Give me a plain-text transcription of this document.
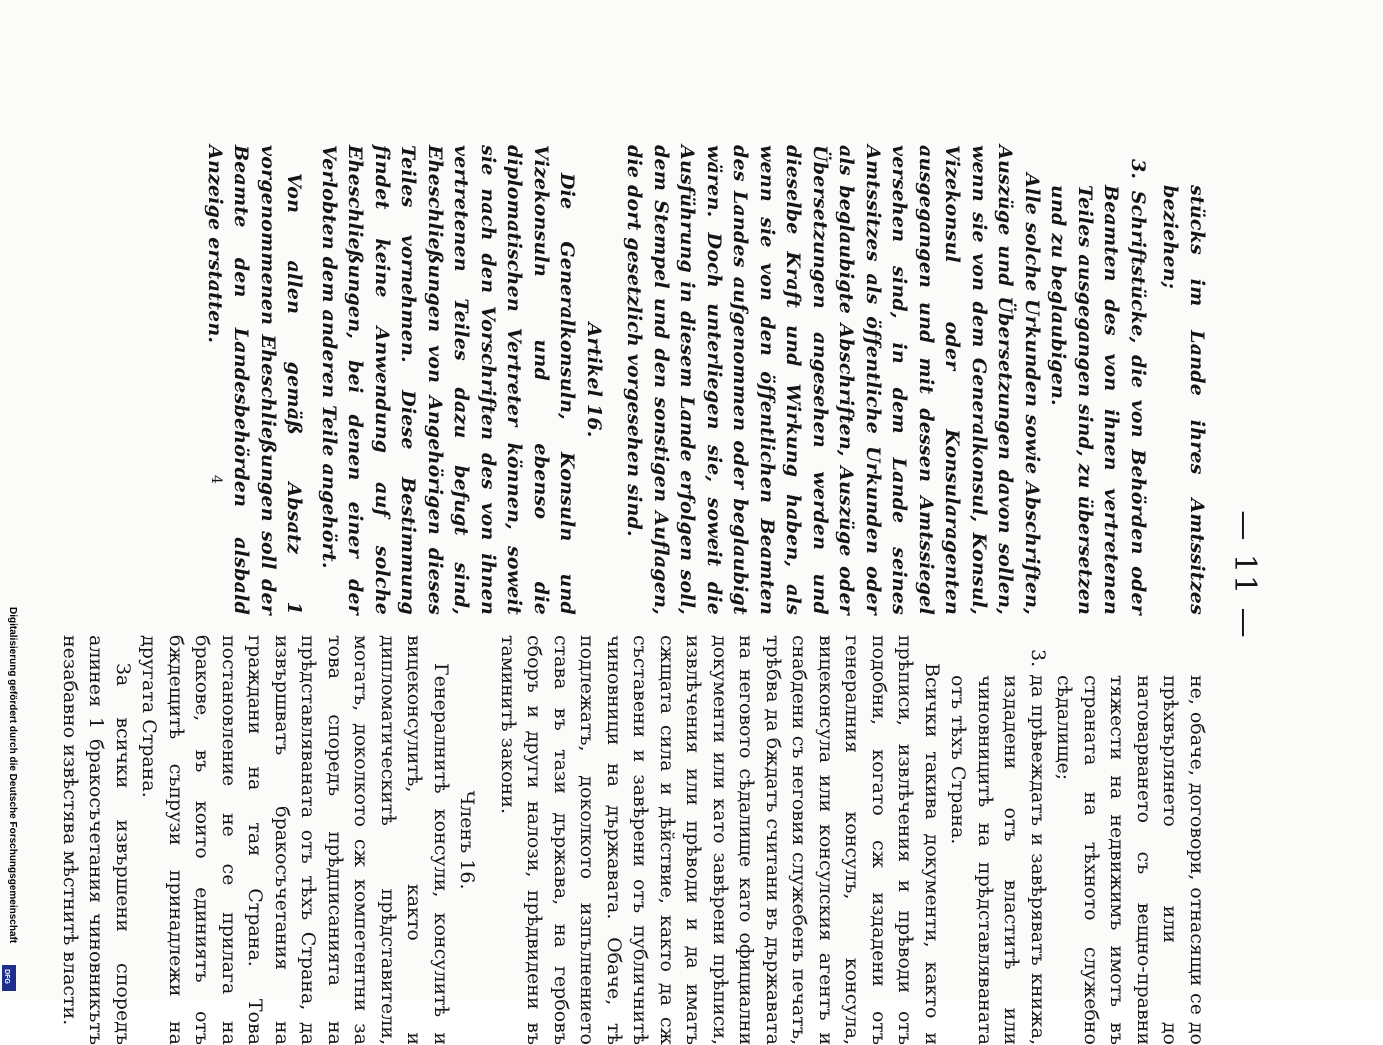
— 11 —

stücks im Lande ihres Amtssitzes beziehen;

3. Schriftstücke, die von Behörden oder Beamten des von ihnen vertretenen Teiles ausgegangen sind, zu übersetzen und zu beglaubigen.

Alle solche Urkunden sowie Abschriften, Auszüge und Übersetzungen davon sollen, wenn sie von dem Generalkonsul, Konsul, Vizekonsul oder Konsularagenten ausgegangen und mit dessen Amtssiegel versehen sind, in dem Lande seines Amtssitzes als öffentliche Urkunden oder als beglaubigte Abschriften, Auszüge oder Übersetzungen angesehen werden und dieselbe Kraft und Wirkung haben, als wenn sie von den öffentlichen Beamten des Landes aufgenommen oder beglaubigt wären. Doch unterliegen sie, soweit die Ausführung in diesem Lande erfolgen soll, dem Stempel und den sonstigen Auflagen, die dort gesetzlich vorgesehen sind.

Artikel 16.

Die Generalkonsuln, Konsuln und Vizekonsuln und ebenso die diplomatischen Vertreter können, soweit sie nach den Vorschriften des von ihnen vertretenen Teiles dazu befugt sind, Eheschließungen von Angehörigen dieses Teiles vornehmen. Diese Bestimmung findet keine Anwendung auf solche Eheschließungen, bei denen einer der Verlobten dem anderen Teile angehört.

Von allen gemäß Absatz 1 vorgenommenen Eheschließungen soll der Beamte den Landesbehörden alsbald Anzeige erstatten.

не, обаче, договори, отнасящи се до прѣхвърлянето или до натоварването съ вещно-правни тяжести на недвижимъ имотъ въ страната на тѣхното служебно сѣдалище;

3. да прѣвеждатъ и завѣряватъ книжа, издадени отъ властитѣ или чиновницитѣ на прѣдставляваната отъ тѣхъ Страна.

Всички такива документи, както и прѣписи, извлѣчения и прѣводи отъ подобни, когато сж издадени отъ генералния консулъ, консула, вицеконсула или консулския агентъ и снабдени съ неговия служебенъ печатъ, трѣбва да бждатъ считани въ държавата на неговото сѣдалище като официални документи или като завѣрени прѣписи, извлѣчения или прѣводи и да иматъ сжщата сила и дѣйствие, както да сж съставени и завѣрени отъ публичнитѣ чиновници на държавата. Обаче, тѣ подлежатъ, доколкото изпълнението става въ тази държава, на гербовъ сборъ и други налози, прѣдвидени въ таминитѣ закони.

Членъ 16.

Генералнитѣ консули, консулитѣ и вицеконсулитѣ, както и дипломатическитѣ прѣдставители, могатъ, доколкото сж компетентни за това споредъ прѣдписанията на прѣдставляваната отъ тѣхъ Страна, да извършватъ бракосъчетания на граждани на тая Страна. Това постановление не се прилага на браковe, въ които единиятъ отъ бждещитѣ съпрузи принадлежи на другата Страна.

За всички извършени споредъ алинея 1 бракосъчетания чиновникътъ незабавно извѣстява мѣстнитѣ власти.

4
Digitalisierung gefördert durch die Deutsche Forschungsgemeinschaft
DFG
